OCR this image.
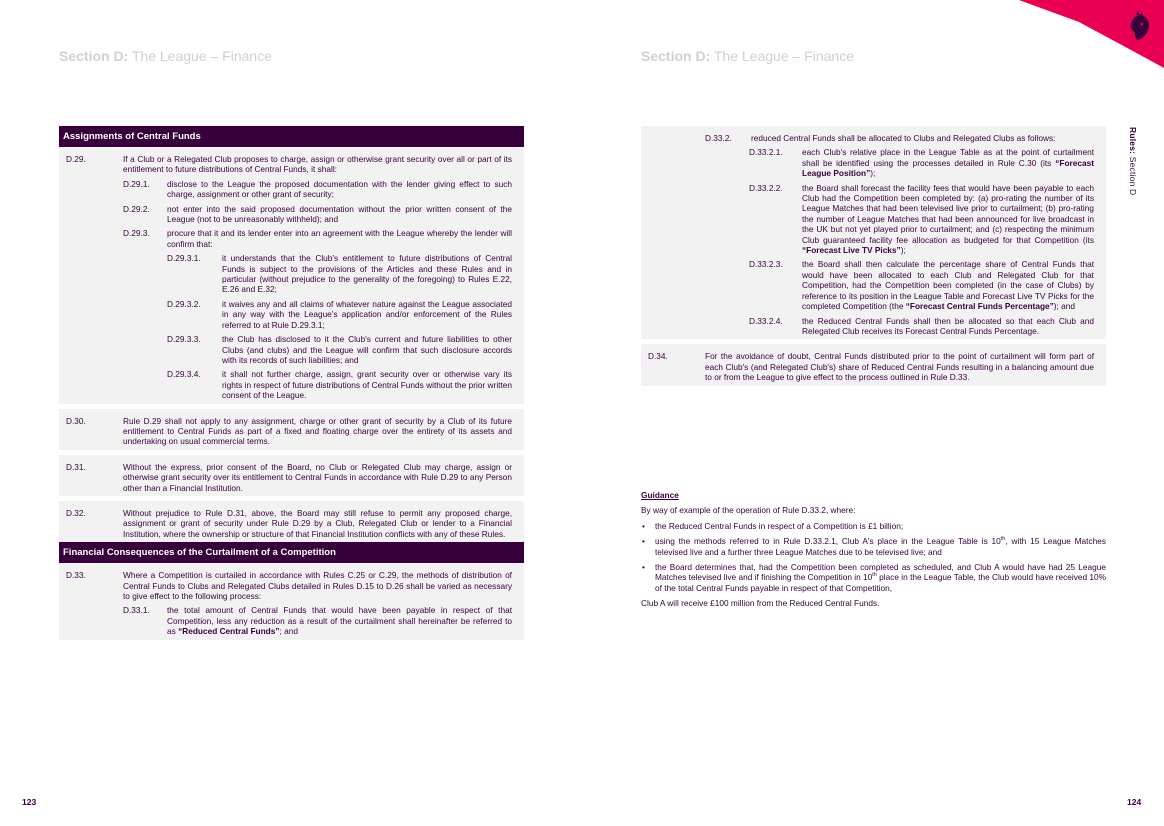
Section D: The League – Finance	Section D: The League – Finance
Rules: Section D
Assignments of Central Funds
D.29.	If a Club or a Relegated Club proposes to charge, assign or otherwise grant security over all or part of its entitlement to future distributions of Central Funds, it shall:
D.29.1.	disclose to the League the proposed documentation with the lender giving effect to such charge, assignment or other grant of security;
D.29.2.	not enter into the said proposed documentation without the prior written consent of the League (not to be unreasonably withheld); and
D.29.3.	procure that it and its lender enter into an agreement with the League whereby the lender will confirm that:
D.29.3.1.	it understands that the Club's entitlement to future distributions of Central Funds is subject to the provisions of the Articles and these Rules and in particular (without prejudice to the generality of the foregoing) to Rules E.22, E.26 and E.32;
D.29.3.2.	it waives any and all claims of whatever nature against the League associated in any way with the League's application and/or enforcement of the Rules referred to at Rule D.29.3.1;
D.29.3.3.	the Club has disclosed to it the Club's current and future liabilities to other Clubs (and clubs) and the League will confirm that such disclosure accords with its records of such liabilities; and
D.29.3.4.	it shall not further charge, assign, grant security over or otherwise vary its rights in respect of future distributions of Central Funds without the prior written consent of the League.
D.30.	Rule D.29 shall not apply to any assignment, charge or other grant of security by a Club of its future entitlement to Central Funds as part of a fixed and floating charge over the entirety of its assets and undertaking on usual commercial terms.
D.31.	Without the express, prior consent of the Board, no Club or Relegated Club may charge, assign or otherwise grant security over its entitlement to Central Funds in accordance with Rule D.29 to any Person other than a Financial Institution.
D.32.	Without prejudice to Rule D.31, above, the Board may still refuse to permit any proposed charge, assignment or grant of security under Rule D.29 by a Club, Relegated Club or lender to a Financial Institution, where the ownership or structure of that Financial Institution conflicts with any of these Rules.
Financial Consequences of the Curtailment of a Competition
D.33.	Where a Competition is curtailed in accordance with Rules C.25 or C.29, the methods of distribution of Central Funds to Clubs and Relegated Clubs detailed in Rules D.15 to D.26 shall be varied as necessary to give effect to the following process:
D.33.1.	the total amount of Central Funds that would have been payable in respect of that Competition, less any reduction as a result of the curtailment shall hereinafter be referred to as “Reduced Central Funds”; and
D.33.2.	reduced Central Funds shall be allocated to Clubs and Relegated Clubs as follows:
D.33.2.1.	each Club's relative place in the League Table as at the point of curtailment shall be identified using the processes detailed in Rule C.30 (its “Forecast League Position”);
D.33.2.2.	the Board shall forecast the facility fees that would have been payable to each Club had the Competition been completed by: (a) pro-rating the number of its League Matches that had been televised live prior to curtailment; (b) pro-rating the number of League Matches that had been announced for live broadcast in the UK but not yet played prior to curtailment; and (c) respecting the minimum Club guaranteed facility fee allocation as budgeted for that Competition (its “Forecast Live TV Picks”);
D.33.2.3.	the Board shall then calculate the percentage share of Central Funds that would have been allocated to each Club and Relegated Club for that Competition, had the Competition been completed (in the case of Clubs) by reference to its position in the League Table and Forecast Live TV Picks for the completed Competition (the “Forecast Central Funds Percentage”); and
D.33.2.4.	the Reduced Central Funds shall then be allocated so that each Club and Relegated Club receives its Forecast Central Funds Percentage.
D.34.	For the avoidance of doubt, Central Funds distributed prior to the point of curtailment will form part of each Club's (and Relegated Club's) share of Reduced Central Funds resulting in a balancing amount due to or from the League to give effect to the process outlined in Rule D.33.
Guidance
By way of example of the operation of Rule D.33.2, where:
• the Reduced Central Funds in respect of a Competition is £1 billion;
• using the methods referred to in Rule D.33.2.1, Club A's place in the League Table is 10th, with 15 League Matches televised live and a further three League Matches due to be televised live; and
• the Board determines that, had the Competition been completed as scheduled, and Club A would have had 25 League Matches televised live and if finishing the Competition in 10th place in the League Table, the Club would have received 10% of the total Central Funds payable in respect of that Competition,
Club A will receive £100 million from the Reduced Central Funds.
123	124
